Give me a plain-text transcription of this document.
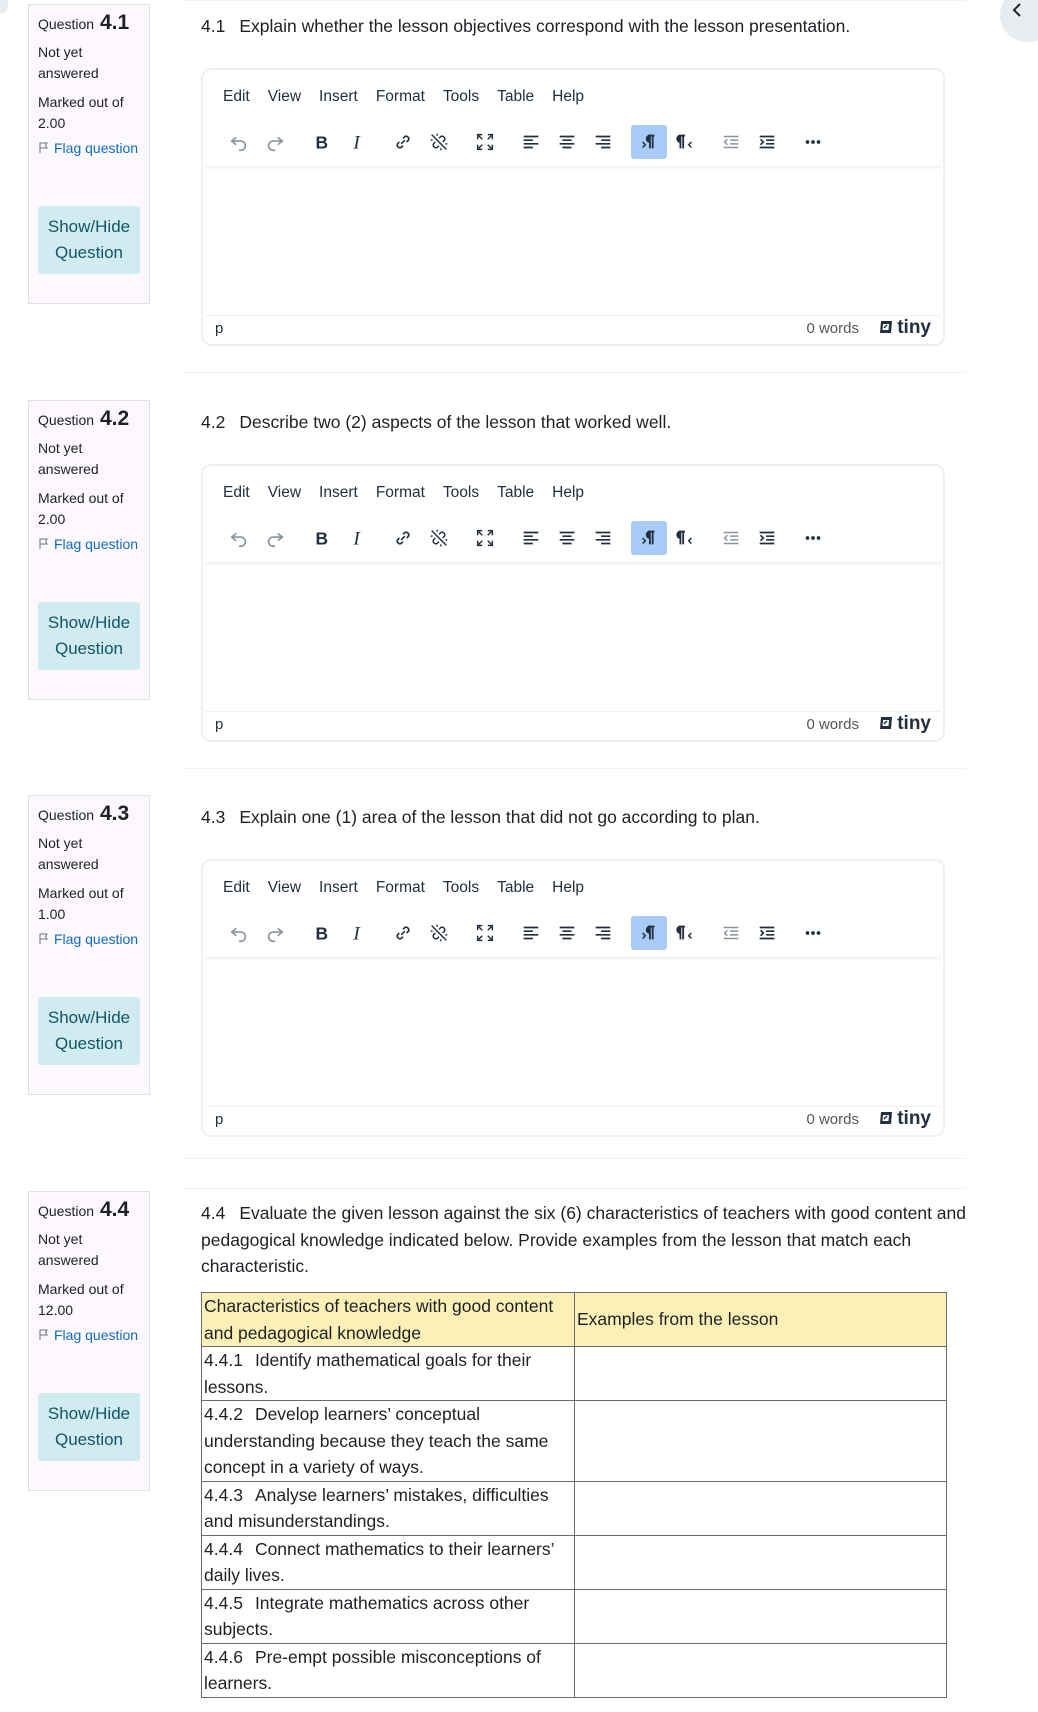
Question 4.1
Not yet answered
Marked out of 2.00
Flag question
Show/Hide Question
4.1 Explain whether the lesson objectives correspond with the lesson presentation.
Edit View Insert Format Tools Table Help
B I
p	0 words tiny
Question 4.2
Not yet answered
Marked out of 2.00
Flag question
Show/Hide Question
4.2 Describe two (2) aspects of the lesson that worked well.
Edit View Insert Format Tools Table Help
B I
p	0 words tiny
Question 4.3
Not yet answered
Marked out of 1.00
Flag question
Show/Hide Question
4.3 Explain one (1) area of the lesson that did not go according to plan.
Edit View Insert Format Tools Table Help
B I
p	0 words tiny
Question 4.4
Not yet answered
Marked out of 12.00
Flag question
Show/Hide Question
4.4 Evaluate the given lesson against the six (6) characteristics of teachers with good content and pedagogical knowledge indicated below. Provide examples from the lesson that match each characteristic.
Characteristics of teachers with good content and pedagogical knowledge	Examples from the lesson
4.4.1 Identify mathematical goals for their lessons.	
4.4.2 Develop learners’ conceptual understanding because they teach the same concept in a variety of ways.	
4.4.3 Analyse learners’ mistakes, difficulties and misunderstandings.	
4.4.4 Connect mathematics to their learners’ daily lives.	
4.4.5 Integrate mathematics across other subjects.	
4.4.6 Pre-empt possible misconceptions of learners.	
